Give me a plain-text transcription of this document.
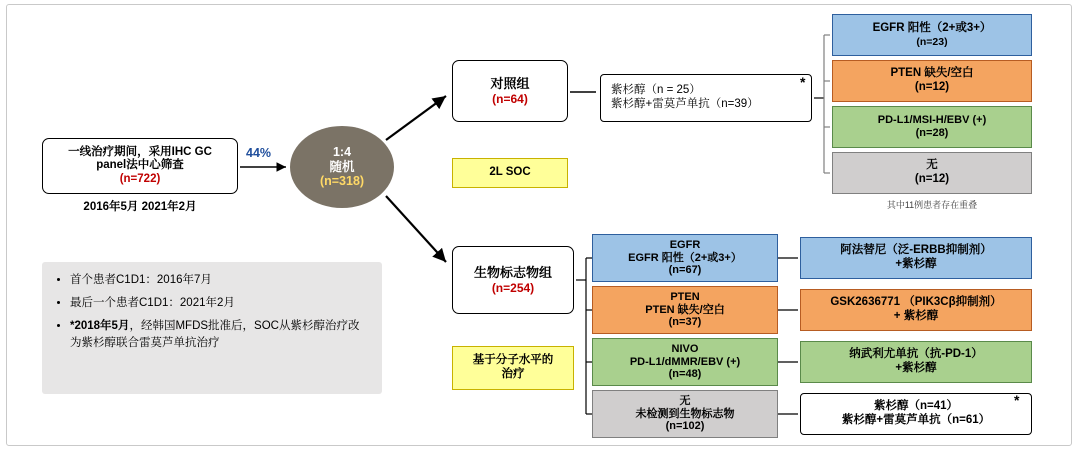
一线治疗期间，采用IHC GC
panel法中心筛查
(n=722)
2016年5月 2021年2月
44%	1:4
随机
(n=318)
对照组
(n=64)
2L SOC
紫杉醇（n = 25）
紫杉醇+雷莫芦单抗（n=39）
*
EGFR 阳性（2+或3+）
(n=23)
PTEN 缺失/空白
(n=12)
PD-L1/MSI-H/EBV (+)
(n=28)
无
(n=12)
其中11例患者存在重叠
生物标志物组
(n=254)
基于分子水平的
治疗
EGFR
EGFR 阳性（2+或3+）
(n=67)
PTEN
PTEN 缺失/空白
(n=37)
NIVO
PD-L1/dMMR/EBV (+)
(n=48)
无
未检测到生物标志物
(n=102)
阿法替尼（泛-ERBB抑制剂）
+紫杉醇
GSK2636771 （PIK3Cβ抑制剂）
+ 紫杉醇
纳武利尤单抗（抗-PD-1）
+紫杉醇
紫杉醇（n=41）
紫杉醇+雷莫芦单抗（n=61）
*
• 首个患者C1D1：2016年7月
• 最后一个患者C1D1：2021年2月
• *2018年5月，经韩国MFDS批准后，SOC从紫杉醇治疗改为紫杉醇联合雷莫芦单抗治疗
